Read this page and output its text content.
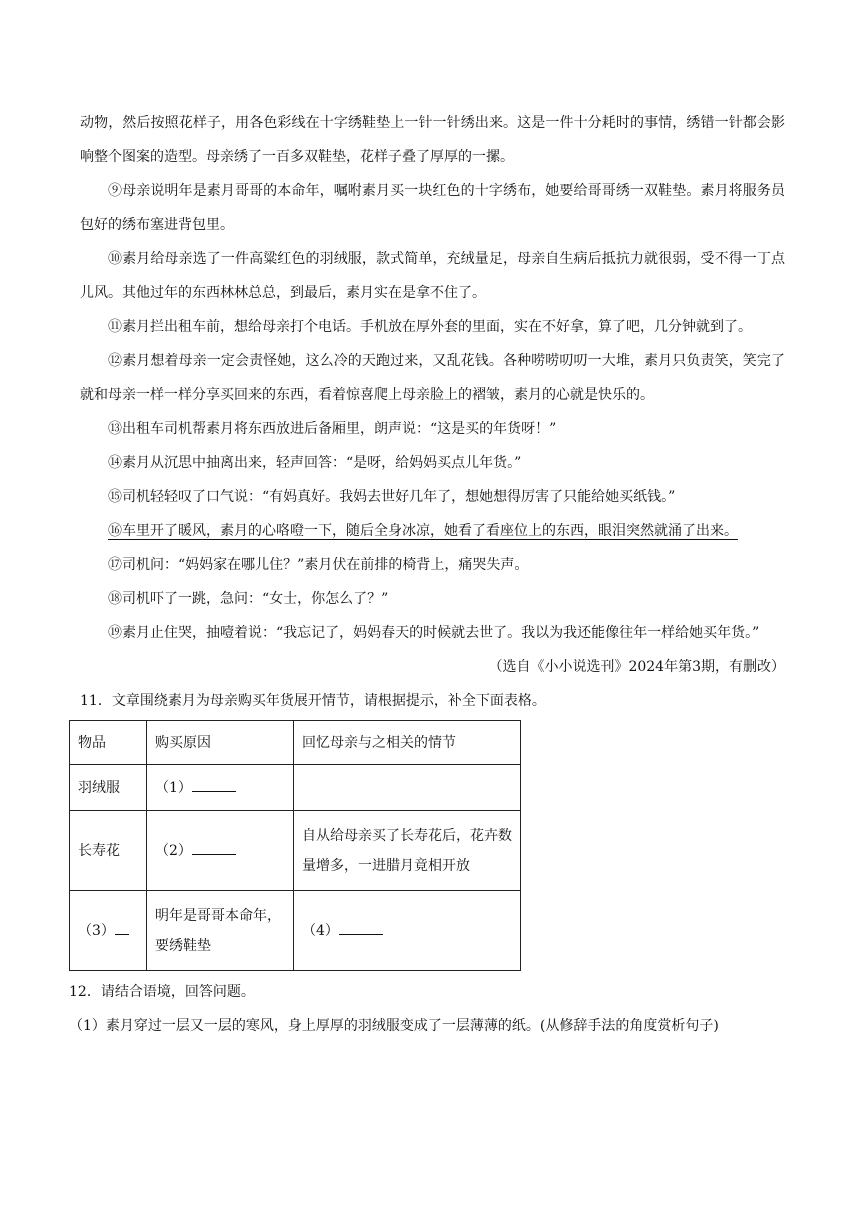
动物，然后按照花样子，用各色彩线在十字绣鞋垫上一针一针绣出来。这是一件十分耗时的事情，绣错一针都会影响整个图案的造型。母亲绣了一百多双鞋垫，花样子叠了厚厚的一摞。

⑨母亲说明年是素月哥哥的本命年，嘱咐素月买一块红色的十字绣布，她要给哥哥绣一双鞋垫。素月将服务员包好的绣布塞进背包里。

⑩素月给母亲选了一件高粱红色的羽绒服，款式简单，充绒量足，母亲自生病后抵抗力就很弱，受不得一丁点儿风。其他过年的东西林林总总，到最后，素月实在是拿不住了。

⑪素月拦出租车前，想给母亲打个电话。手机放在厚外套的里面，实在不好拿，算了吧，几分钟就到了。

⑫素月想着母亲一定会责怪她，这么冷的天跑过来，又乱花钱。各种唠唠叨叨一大堆，素月只负责笑，笑完了就和母亲一样一样分享买回来的东西，看着惊喜爬上母亲脸上的褶皱，素月的心就是快乐的。

⑬出租车司机帮素月将东西放进后备厢里，朗声说：“这是买的年货呀！”

⑭素月从沉思中抽离出来，轻声回答：“是呀，给妈妈买点儿年货。”

⑮司机轻轻叹了口气说：“有妈真好。我妈去世好几年了，想她想得厉害了只能给她买纸钱。”

⑯车里开了暖风，素月的心咯噔一下，随后全身冰凉，她看了看座位上的东西，眼泪突然就涌了出来。

⑰司机问：“妈妈家在哪儿住？”素月伏在前排的椅背上，痛哭失声。

⑱司机吓了一跳，急问：“女士，你怎么了？”

⑲素月止住哭，抽噎着说：“我忘记了，妈妈春天的时候就去世了。我以为我还能像往年一样给她买年货。”

（选自《小小说选刊》2024年第3期，有删改）

11．文章围绕素月为母亲购买年货展开情节，请根据提示，补全下面表格。

物品	购买原因	回忆母亲与之相关的情节
羽绒服	（1）	
长寿花	（2）	自从给母亲买了长寿花后，花卉数量增多，一进腊月竟相开放
（3）	明年是哥哥本命年，要绣鞋垫	（4）

12．请结合语境，回答问题。

（1）素月穿过一层又一层的寒风，身上厚厚的羽绒服变成了一层薄薄的纸。(从修辞手法的角度赏析句子)
